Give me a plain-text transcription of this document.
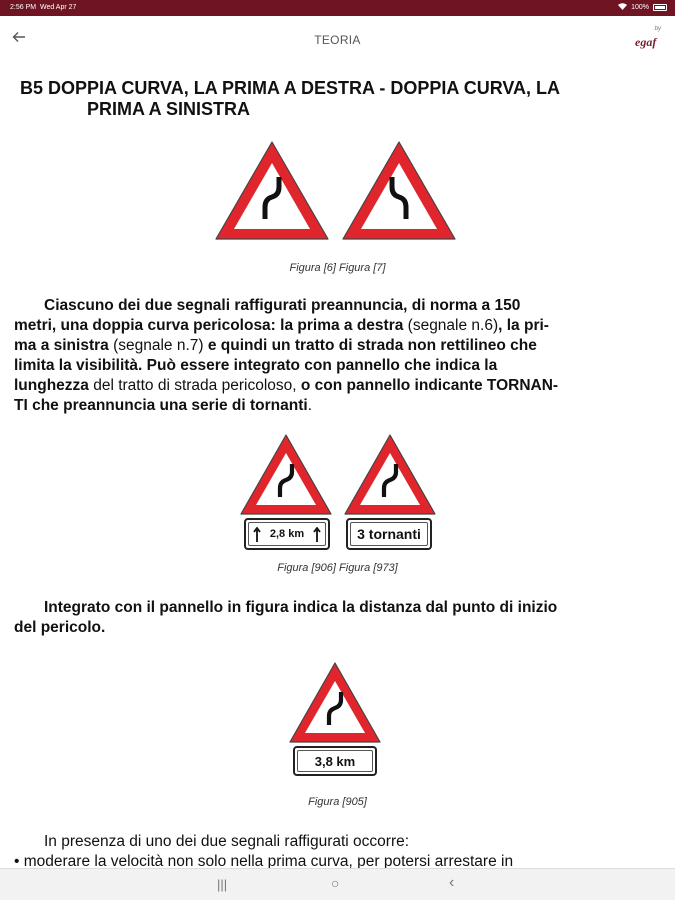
2:56 PM Wed Apr 27	100%
TEORIA
by
egaf
B5 DOPPIA CURVA, LA PRIMA A DESTRA - DOPPIA CURVA, LA
PRIMA A SINISTRA
Figura [6] Figura [7]
Ciascuno dei due segnali raffigurati preannuncia, di norma a 150
metri, una doppia curva pericolosa: la prima a destra (segnale n.6), la pri-
ma a sinistra (segnale n.7) e quindi un tratto di strada non rettilineo che
limita la visibilità. Può essere integrato con pannello che indica la
lunghezza del tratto di strada pericoloso, o con pannello indicante TORNAN-
TI che preannuncia una serie di tornanti.
2,8 km	3 tornanti
Figura [906] Figura [973]
Integrato con il pannello in figura indica la distanza dal punto di inizio
del pericolo.
3,8 km
Figura [905]
In presenza di uno dei due segnali raffigurati occorre:
• moderare la velocità non solo nella prima curva, per potersi arrestare in
|||	○	‹
